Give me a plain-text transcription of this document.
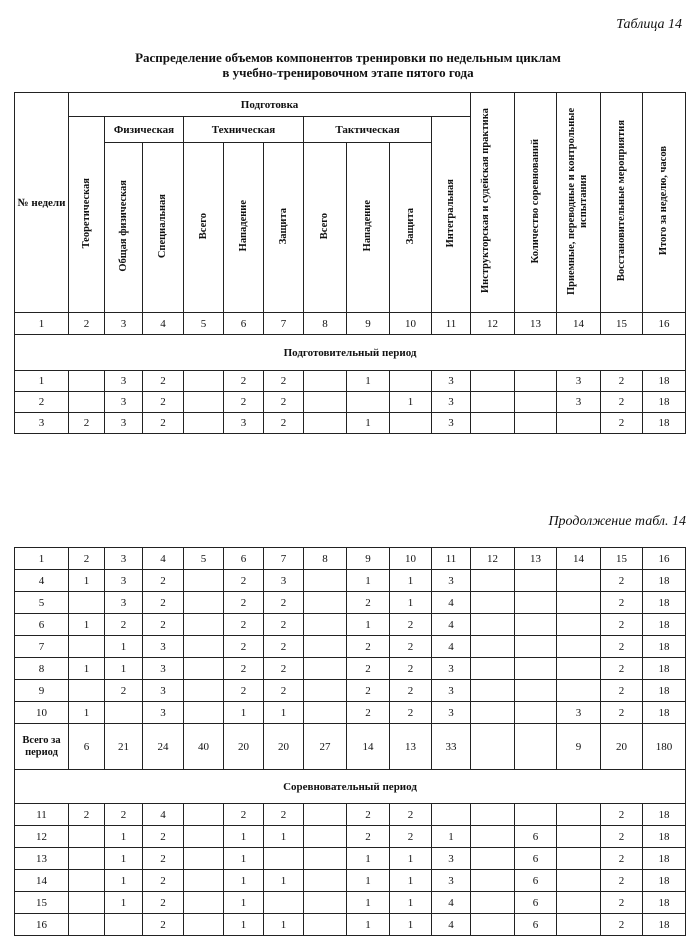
Таблица 14
Распределение объемов компонентов тренировки по недельным циклам
в учебно-тренировочном этапе пятого года
№ недели	Подготовка										Инструкторская и судейская практика	Количество соревнований	Приемные, переводные и контрольные испытания	Восстановительные мероприятия	Итого за неделю, часов
	Теоретическая	Физическая		Техническая			Тактическая			Интегральная					
		Общая физическая	Специальная	Всего	Нападение	Защита	Всего	Нападение	Защита						
1	2	3	4	5	6	7	8	9	10	11	12	13	14	15	16
Подготовительный период															
1		3	2		2	2		1		3			3	2	18
2		3	2		2	2			1	3			3	2	18
3	2	3	2		3	2		1		3				2	18
Продолжение табл. 14
1	2	3	4	5	6	7	8	9	10	11	12	13	14	15	16
4	1	3	2		2	3		1	1	3				2	18
5		3	2		2	2		2	1	4				2	18
6	1	2	2		2	2		1	2	4				2	18
7		1	3		2	2		2	2	4				2	18
8	1	1	3		2	2		2	2	3				2	18
9		2	3		2	2		2	2	3				2	18
10	1		3		1	1		2	2	3			3	2	18
Всего за период	6	21	24	40	20	20	27	14	13	33			9	20	180
Соревновательный период															
11	2	2	4		2	2		2	2					2	18
12		1	2		1	1		2	2	1		6		2	18
13		1	2		1			1	1	3		6		2	18
14		1	2		1	1		1	1	3		6		2	18
15		1	2		1			1	1	4		6		2	18
16			2		1	1		1	1	4		6		2	18
